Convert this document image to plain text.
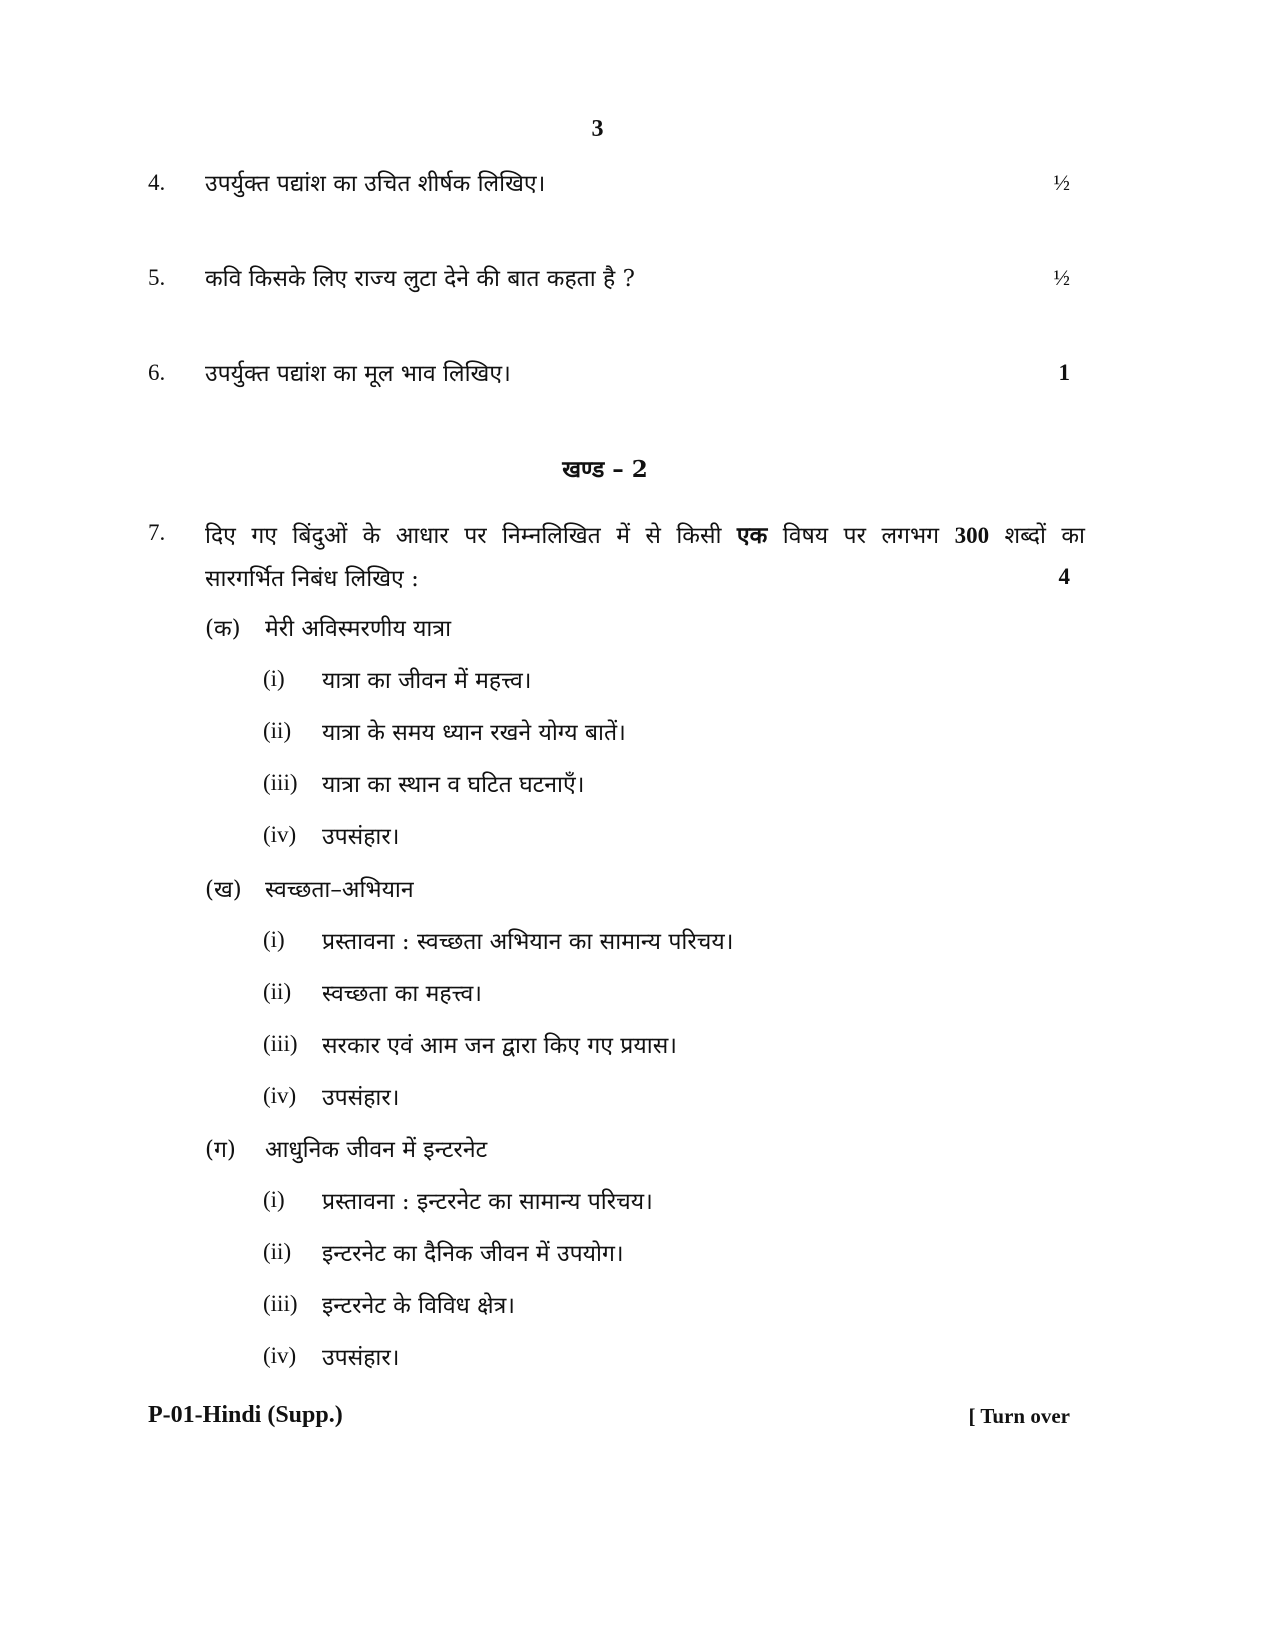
3
4. उपर्युक्त पद्यांश का उचित शीर्षक लिखिए।	½
5. कवि किसके लिए राज्य लुटा देने की बात कहता है ?	½
6. उपर्युक्त पद्यांश का मूल भाव लिखिए।	1
खण्ड – 2
7. दिए गए बिंदुओं के आधार पर निम्नलिखित में से किसी एक विषय पर लगभग 300 शब्दों का
सारगर्भित निबंध लिखिए :	4
(क) मेरी अविस्मरणीय यात्रा
(i) यात्रा का जीवन में महत्त्व।
(ii) यात्रा के समय ध्यान रखने योग्य बातें।
(iii) यात्रा का स्थान व घटित घटनाएँ।
(iv) उपसंहार।
(ख) स्वच्छता–अभियान
(i) प्रस्तावना : स्वच्छता अभियान का सामान्य परिचय।
(ii) स्वच्छता का महत्त्व।
(iii) सरकार एवं आम जन द्वारा किए गए प्रयास।
(iv) उपसंहार।
(ग) आधुनिक जीवन में इन्टरनेट
(i) प्रस्तावना : इन्टरनेट का सामान्य परिचय।
(ii) इन्टरनेट का दैनिक जीवन में उपयोग।
(iii) इन्टरनेट के विविध क्षेत्र।
(iv) उपसंहार।
P-01-Hindi (Supp.)	[ Turn over
